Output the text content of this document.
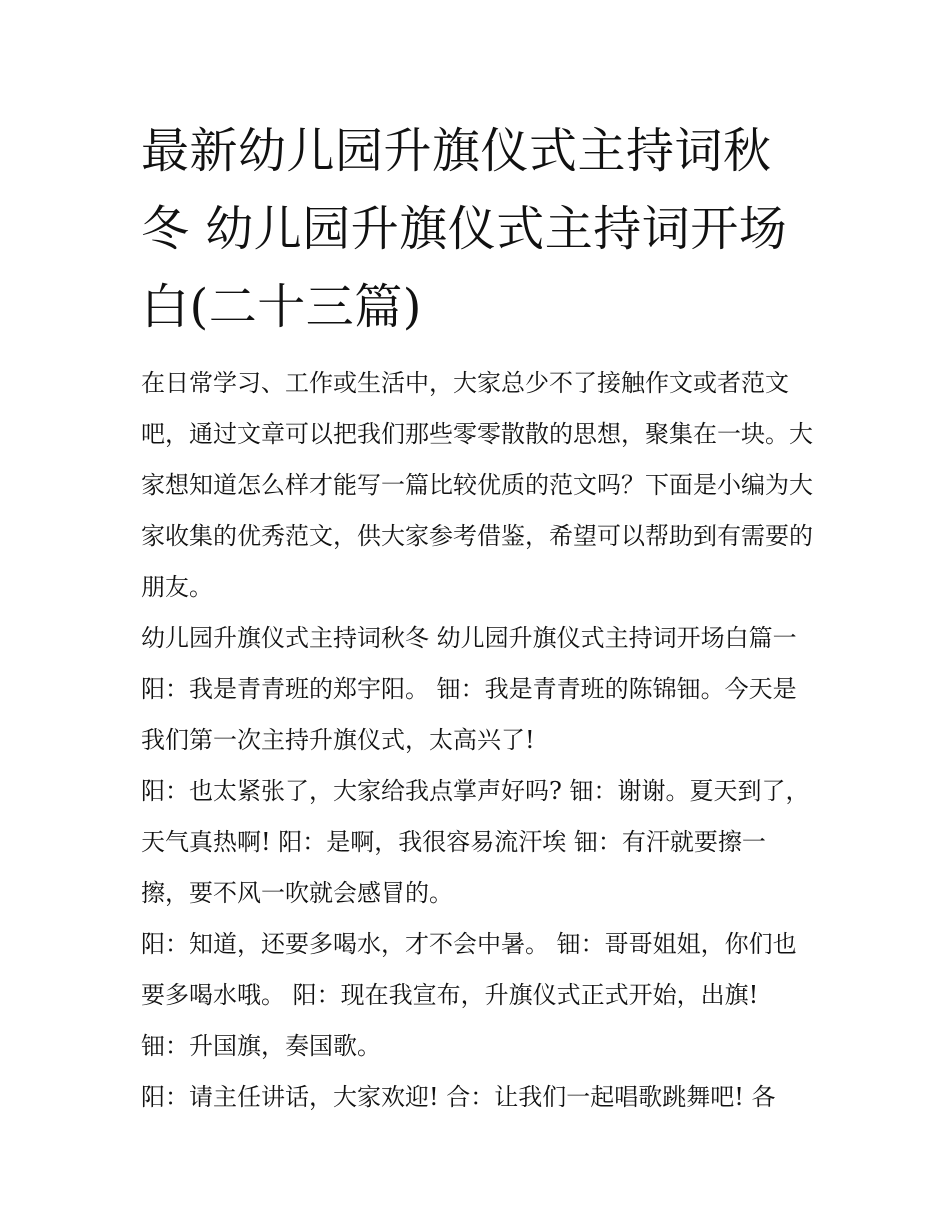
最新幼儿园升旗仪式主持词秋冬 幼儿园升旗仪式主持词开场白(二十三篇)

在日常学习、工作或生活中，大家总少不了接触作文或者范文吧，通过文章可以把我们那些零零散散的思想，聚集在一块。大家想知道怎么样才能写一篇比较优质的范文吗？下面是小编为大家收集的优秀范文，供大家参考借鉴，希望可以帮助到有需要的朋友。

幼儿园升旗仪式主持词秋冬 幼儿园升旗仪式主持词开场白篇一 阳：我是青青班的郑宇阳。 钿：我是青青班的陈锦钿。今天是我们第一次主持升旗仪式，太高兴了!

阳：也太紧张了，大家给我点掌声好吗? 钿：谢谢。夏天到了，天气真热啊! 阳：是啊，我很容易流汗埃 钿：有汗就要擦一擦，要不风一吹就会感冒的。

阳：知道，还要多喝水，才不会中暑。 钿：哥哥姐姐，你们也要多喝水哦。 阳：现在我宣布，升旗仪式正式开始，出旗! 钿：升国旗，奏国歌。

阳：请主任讲话，大家欢迎! 合：让我们一起唱歌跳舞吧! 各
